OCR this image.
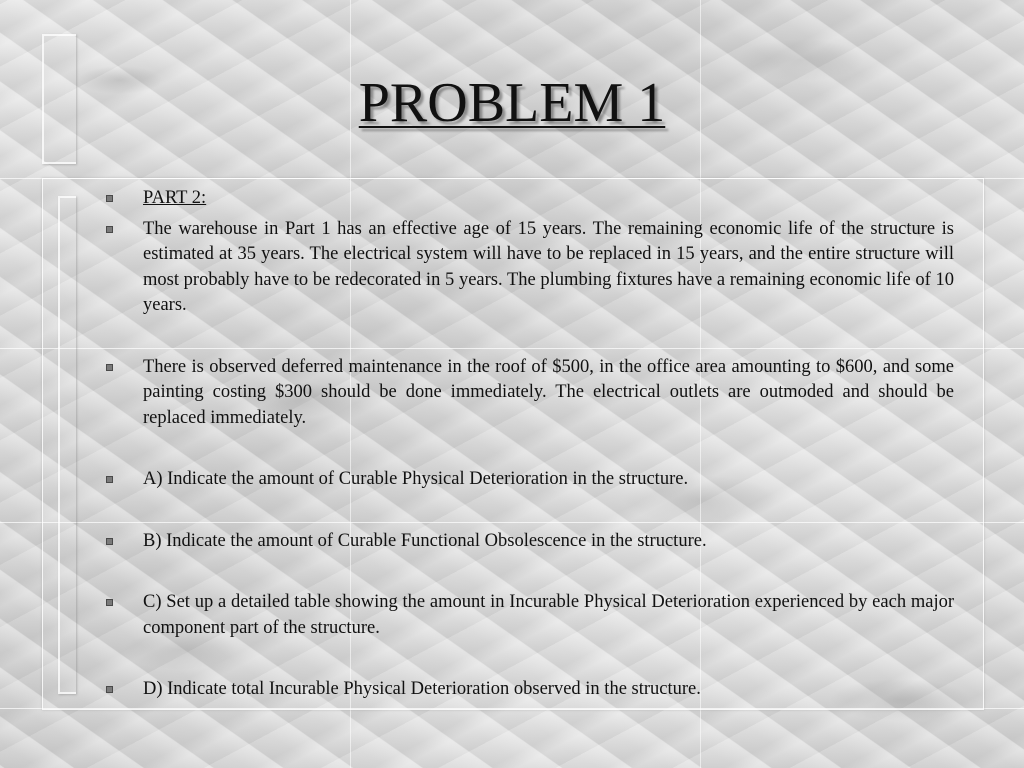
PROBLEM 1
PART 2:
The warehouse in Part 1 has an effective age of 15 years. The remaining economic life of the structure is estimated at 35 years. The electrical system will have to be replaced in 15 years, and the entire structure will most probably have to be redecorated in 5 years. The plumbing fixtures have a remaining economic life of 10 years.
There is observed deferred maintenance in the roof of $500, in the office area amounting to $600, and some painting costing $300 should be done immediately. The electrical outlets are outmoded and should be replaced immediately.
A) Indicate the amount of Curable Physical Deterioration in the structure.
B) Indicate the amount of Curable Functional Obsolescence in the structure.
C) Set up a detailed table showing the amount in Incurable Physical Deterioration experienced by each major component part of the structure.
D) Indicate total Incurable Physical Deterioration observed in the structure.
